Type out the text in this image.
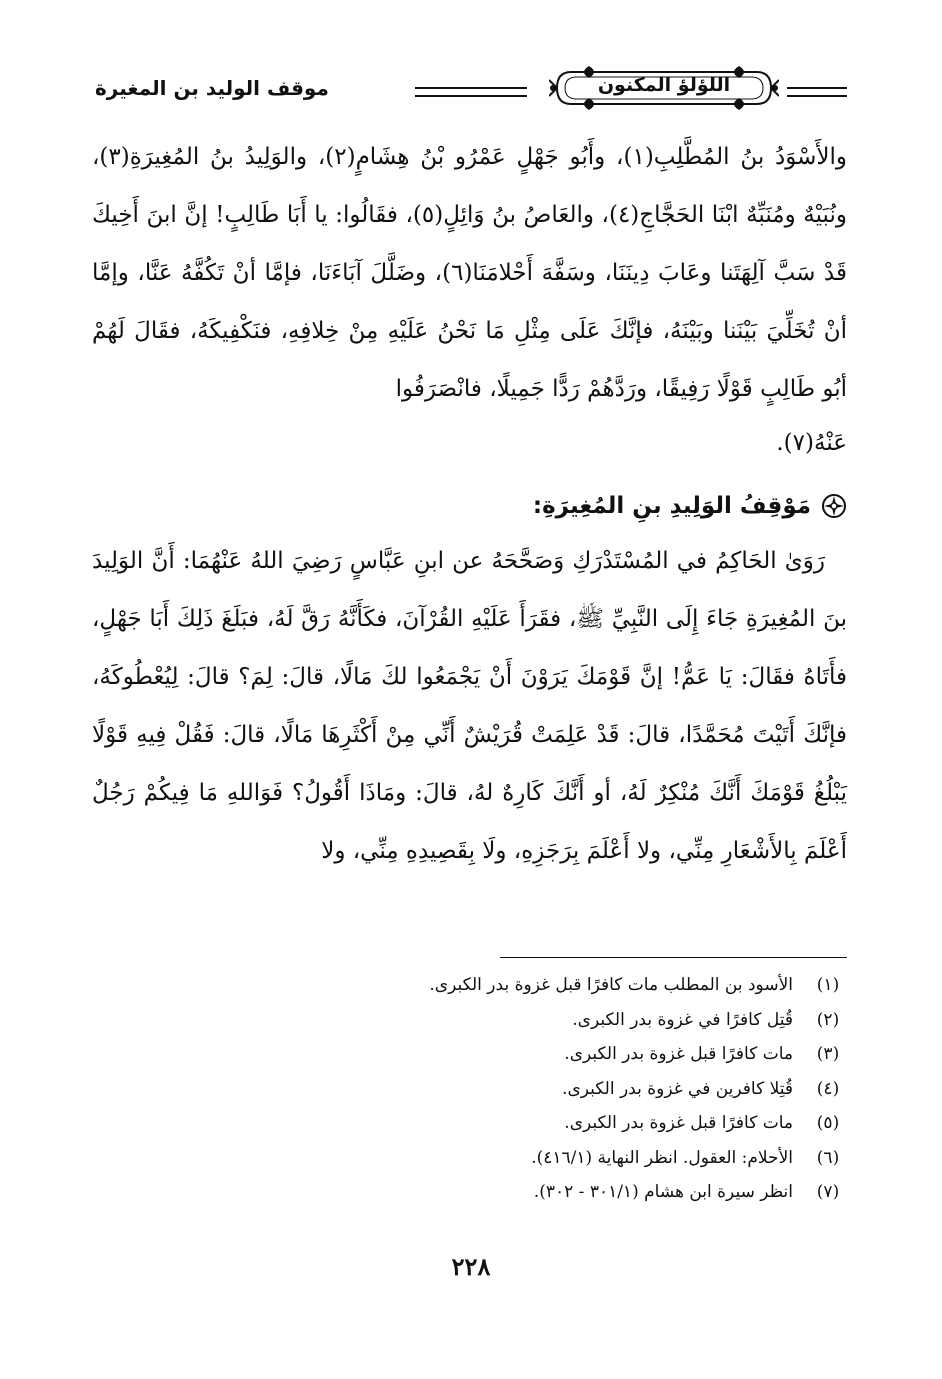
اللؤلؤ المكنون
موقف الوليد بن المغيرة

والأَسْوَدُ بنُ المُطَّلِبِ(١)، وأَبُو جَهْلٍ عَمْرُو بْنُ هِشَامٍ(٢)، والوَلِيدُ بنُ المُغِيرَةِ(٣)، ونُبَيْهٌ ومُنَبِّهٌ ابْنَا الحَجَّاجِ(٤)، والعَاصُ بنُ وَائِلٍ(٥)، فقَالُوا: يا أَبَا طَالِبٍ! إنَّ ابنَ أَخِيكَ قَدْ سَبَّ آلِهَتَنا وعَابَ دِينَنَا، وسَفَّهَ أَحْلامَنَا(٦)، وضَلَّلَ آبَاءَنَا، فإمَّا أنْ تَكُفَّهُ عَنَّا، وإمَّا أنْ تُخَلِّيَ بَيْنَنا وبَيْنَهُ، فإنَّكَ عَلَى مِثْلِ مَا نَحْنُ عَلَيْهِ مِنْ خِلافِهِ، فنَكْفِيكَهُ، فقَالَ لَهُمْ أبُو طَالِبٍ قَوْلًا رَفِيقًا، ورَدَّهُمْ رَدًّا جَمِيلًا، فانْصَرَفُوا

عَنْهُ(٧).

مَوْقِفُ الوَلِيدِ بنِ المُغِيرَةِ:

رَوَىٰ الحَاكِمُ في المُسْتَدْرَكِ وَصَحَّحَهُ عن ابنِ عَبَّاسٍ رَضِيَ اللهُ عَنْهُمَا: أَنَّ الوَلِيدَ بنَ المُغِيرَةِ جَاءَ إِلَى النَّبِيِّ ﷺ، فقَرَأَ عَلَيْهِ القُرْآنَ، فكَأَنَّهُ رَقَّ لَهُ، فبَلَغَ ذَلِكَ أَبَا جَهْلٍ، فأَتَاهُ فقَالَ: يَا عَمُّ! إنَّ قَوْمَكَ يَرَوْنَ أَنْ يَجْمَعُوا لكَ مَالًا، قالَ: لِمَ؟ قالَ: لِيُعْطُوكَهُ، فإنَّكَ أَتَيْتَ مُحَمَّدًا، قالَ: قَدْ عَلِمَتْ قُرَيْشٌ أَنِّي مِنْ أَكْثَرِهَا مَالًا، قالَ: فَقُلْ فِيهِ قَوْلًا يَبْلُغُ قَوْمَكَ أَنَّكَ مُنْكِرٌ لَهُ، أو أَنَّكَ كَارِهٌ لهُ، قالَ: ومَاذَا أَقُولُ؟ فَوَاللهِ مَا فِيكُمْ رَجُلٌ أَعْلَمَ بِالأَشْعَارِ مِنِّي، ولا أَعْلَمَ بِرَجَزِهِ، ولَا بِقَصِيدِهِ مِنِّي، ولا

(١)
الأسود بن المطلب مات كافرًا قبل غزوة بدر الكبرى.
(٢)
قُتِل كافرًا في غزوة بدر الكبرى.
(٣)
مات كافرًا قبل غزوة بدر الكبرى.
(٤)
قُتِلا كافرين في غزوة بدر الكبرى.
(٥)
مات كافرًا قبل غزوة بدر الكبرى.
(٦)
الأحلام: العقول. انظر النهاية (٤١٦/١).
(٧)
انظر سيرة ابن هشام (٣٠١/١ - ٣٠٢).
٢٢٨
